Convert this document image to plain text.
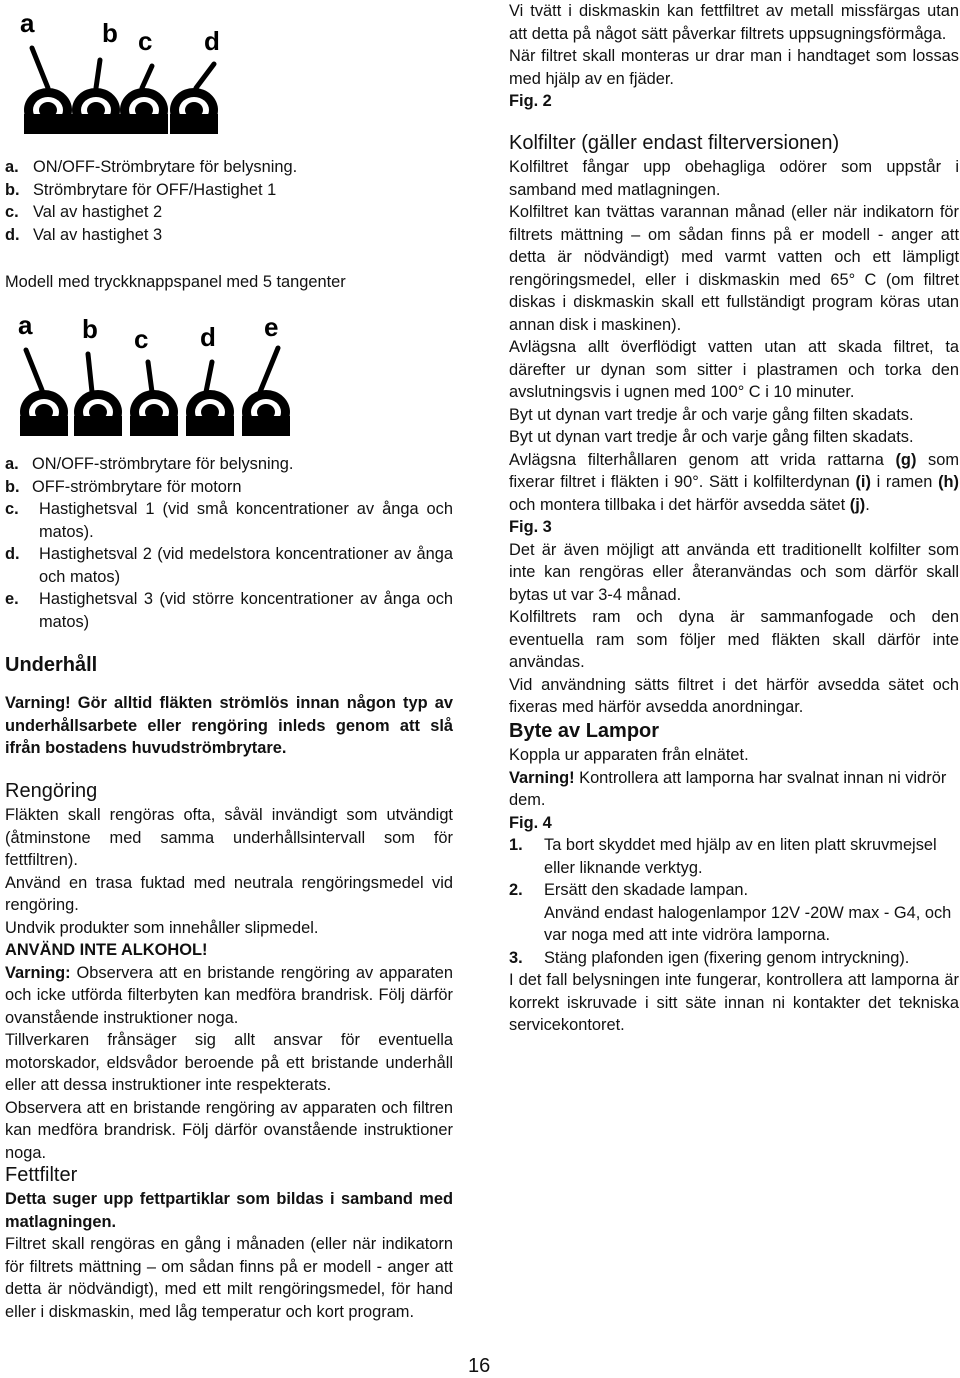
a	b c d
a b c d e
a. ON/OFF-Strömbrytare för belysning.
b. Strömbrytare för OFF/Hastighet 1
c. Val av hastighet 2
d. Val av hastighet 3

Modell med tryckknappspanel med 5 tangenter

a. ON/OFF-strömbrytare för belysning.
b. OFF-strömbrytare för motorn
c.	Hastighetsval 1 (vid små koncentrationer av ånga och matos).
d.	Hastighetsval 2 (vid medelstora koncentrationer av ånga och matos)
e.	Hastighetsval 3 (vid större koncentrationer av ånga och matos)
Underhåll

Varning! Gör alltid fläkten strömlös innan någon typ av underhållsarbete eller rengöring inleds genom att slå ifrån bostadens huvudströmbrytare.

Rengöring

Fläkten skall rengöras ofta, såväl invändigt som utvändigt (åtminstone med samma underhållsintervall som för fettfiltren).

Använd en trasa fuktad med neutrala rengöringsmedel vid rengöring.

Undvik produkter som innehåller slipmedel.

ANVÄND INTE ALKOHOL!

Varning: Observera att en bristande rengöring av apparaten och icke utförda filterbyten kan medföra brandrisk. Följ därför ovanstående instruktioner noga.

Tillverkaren frånsäger sig allt ansvar för eventuella motorskador, eldsvådor beroende på ett bristande underhåll eller att dessa instruktioner inte respekterats.

Observera att en bristande rengöring av apparaten och filtren kan medföra brandrisk. Följ därför ovanstående instruktioner noga.

Fettfilter

Detta suger upp fettpartiklar som bildas i samband med matlagningen.

Filtret skall rengöras en gång i månaden (eller när indikatorn för filtrets mättning – om sådan finns på er modell - anger att detta är nödvändigt), med ett milt rengöringsmedel, för hand eller i diskmaskin, med låg temperatur och kort program.

Vi tvätt i diskmaskin kan fettfiltret av metall missfärgas utan att detta på något sätt påverkar filtrets uppsugningsförmåga.

När filtret skall monteras ur drar man i handtaget som lossas med hjälp av en fjäder.

Fig. 2

Kolfilter (gäller endast filterversionen)

Kolfiltret fångar upp obehagliga odörer som uppstår i samband med matlagningen.

Kolfiltret kan tvättas varannan månad (eller när indikatorn för filtrets mättning – om sådan finns på er modell - anger att detta är nödvändigt) med varmt vatten och ett lämpligt rengöringsmedel, eller i diskmaskin med 65° C (om filtret diskas i diskmaskin skall ett fullständigt program köras utan annan disk i maskinen).

Avlägsna allt överflödigt vatten utan att skada filtret, ta därefter ur dynan som sitter i plastramen och torka den avslutningsvis i ugnen med 100° C i 10 minuter.

Byt ut dynan vart tredje år och varje gång filten skadats.

Byt ut dynan vart tredje år och varje gång filten skadats.

Avlägsna filterhållaren genom att vrida rattarna (g) som fixerar filtret i fläkten i 90°. Sätt i kolfilterdynan (i) i ramen (h) och montera tillbaka i det härför avsedda sätet (j).

Fig. 3

Det är även möjligt att använda ett traditionellt kolfilter som inte kan rengöras eller återanvändas och som därför skall bytas ut var 3-4 månad.

Kolfiltrets ram och dyna är sammanfogade och den eventuella ram som följer med fläkten skall därför inte användas.

Vid användning sätts filtret i det härför avsedda sätet och fixeras med härför avsedda anordningar.

Byte av Lampor

Koppla ur apparaten från elnätet.

Varning! Kontrollera att lamporna har svalnat innan ni vidrör dem.

Fig. 4

1.	Ta bort skyddet med hjälp av en liten platt skruvmejsel eller liknande verktyg.
2.	Ersätt den skadade lampan.
Använd endast halogenlampor 12V -20W max - G4, och var noga med att inte vidröra lamporna.
3.	Stäng plafonden igen (fixering genom intryckning).

I det fall belysningen inte fungerar, kontrollera att lamporna är korrekt iskruvade i sitt säte innan ni kontakter det tekniska servicekontoret.

16
